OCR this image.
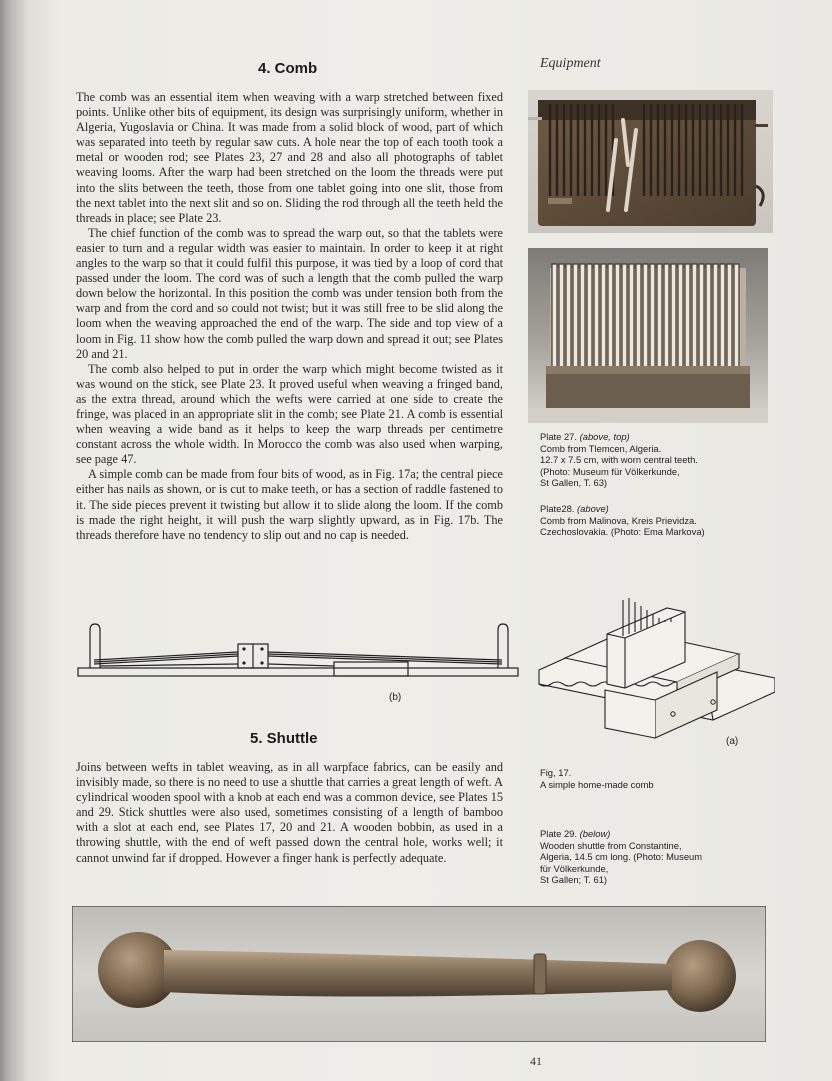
Equipment
4. Comb

The comb was an essential item when weaving with a warp stretched between fixed points. Unlike other bits of equipment, its design was surprisingly uniform, whether in Algeria, Yugoslavia or China. It was made from a solid block of wood, part of which was separated into teeth by regular saw cuts. A hole near the top of each tooth took a metal or wooden rod; see Plates 23, 27 and 28 and also all photographs of tablet weaving looms. After the warp had been stretched on the loom the threads were put into the slits between the teeth, those from one tablet going into one slit, those from the next tablet into the next slit and so on. Sliding the rod through all the teeth held the threads in place; see Plate 23.

The chief function of the comb was to spread the warp out, so that the tablets were easier to turn and a regular width was easier to maintain. In order to keep it at right angles to the warp so that it could fulfil this purpose, it was tied by a loop of cord that passed under the loom. The cord was of such a length that the comb pulled the warp down below the horizontal. In this position the comb was under tension both from the warp and from the cord and so could not twist; but it was still free to be slid along the loom when the weaving approached the end of the warp. The side and top view of a loom in Fig. 11 show how the comb pulled the warp down and spread it out; see Plates 20 and 21.

The comb also helped to put in order the warp which might become twisted as it was wound on the stick, see Plate 23. It proved useful when weaving a fringed band, as the extra thread, around which the wefts were carried at one side to create the fringe, was placed in an appropriate slit in the comb; see Plate 21. A comb is essential when weaving a wide band as it helps to keep the warp threads per centimetre constant across the whole width. In Morocco the comb was also used when warping, see page 47.

A simple comb can be made from four bits of wood, as in Fig. 17a; the central piece either has nails as shown, or is cut to make teeth, or has a section of raddle fastened to it. The side pieces prevent it twisting but allow it to slide along the loom. If the comb is made the right height, it will push the warp slightly upward, as in Fig. 17b. The threads therefore have no tendency to slip out and no cap is needed.

Plate 27. (above, top)
Comb from Tlemcen, Algeria.
12.7 x 7.5 cm, with worn central teeth.
(Photo: Museum für Völkerkunde,
St Gallen, T. 63)
Plate28. (above)
Comb from Malinova, Kreis Prievidza.
Czechoslovakia. (Photo: Ema Markova)
(b)
(a)
5. Shuttle

Joins between wefts in tablet weaving, as in all warpface fabrics, can be easily and invisibly made, so there is no need to use a shuttle that carries a great length of weft. A cylindrical wooden spool with a knob at each end was a common device, see Plates 15 and 29. Stick shuttles were also used, sometimes consisting of a length of bamboo with a slot at each end, see Plates 17, 20 and 21. A wooden bobbin, as used in a throwing shuttle, with the end of weft passed down the central hole, works well; it cannot unwind far if dropped. However a finger hank is perfectly adequate.

Fig, 17.
A simple home-made comb
Plate 29. (below)
Wooden shuttle from Constantine,
Algeria, 14.5 cm long. (Photo: Museum
für Völkerkunde,
St Gallen; T. 61)
41
